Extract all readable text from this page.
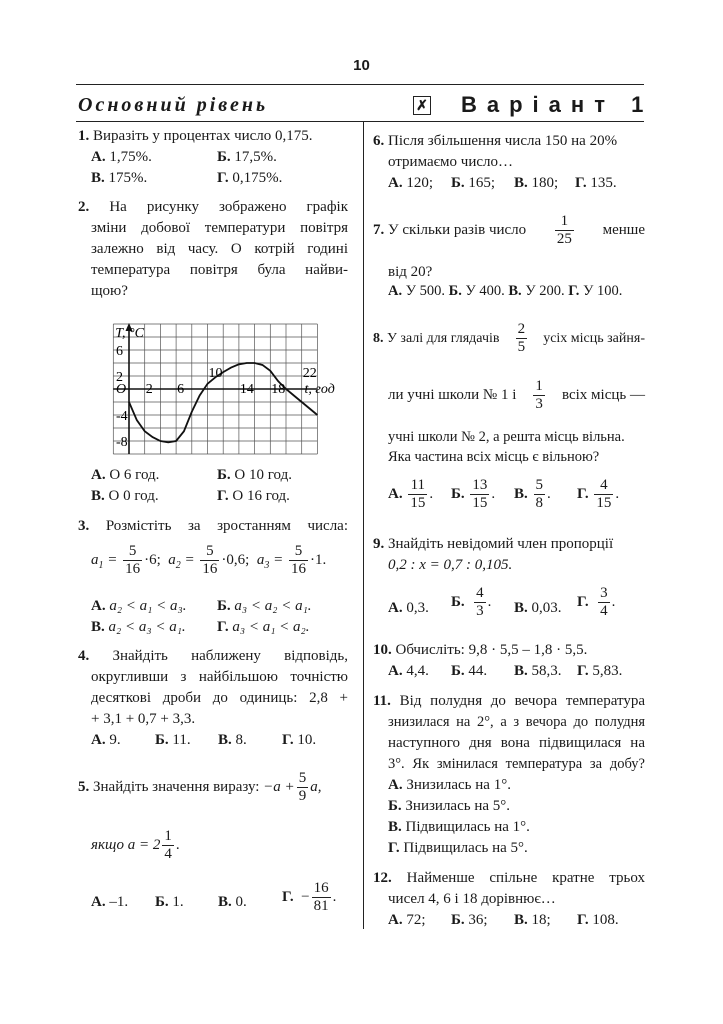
10
Основний рівень	✗ Варіант 1
1. Виразіть у процентах число 0,175.
А. 1,75%.	Б. 17,5%.
В. 175%.	Г. 0,175%.
2. На рисунку зображено графік
зміни добової температури повітря
залежно від часу. О котрій годині
температура повітря була найви-
щою?
2 6
10
14 18
22
6
2
-4
-8
O
T, °C
t, год
А. О 6 год.	Б. О 10 год.
В. О 0 год.	Г. О 16 год.
3. Розмістіть за зростанням числа:
$a_1 = \frac{5}{16} \cdot 6$; $a_2 = \frac{5}{16} \cdot 0,6$; $a_3 = \frac{5}{16} \cdot 1$.
А. a₂ < a₁ < a₃. Б. a₃ < a₂ < a₁.
В. a₂ < a₃ < a₁. Г. a₃ < a₁ < a₂.
4. Знайдіть наближену відповідь,
округливши з найбільшою точністю
десяткові дроби до одиниць: 2,8 +
+ 3,1 + 0,7 + 3,3.
А. 9. Б. 11. В. 8. Г. 10.
5. Знайдіть значення виразу: $-a + \frac{5}{9} a$,
якщо $a = 2 \frac{1}{4}$ .
А. –1. Б. 1. В. 0. Г. − $\frac{16}{81}$ .
6. Після збільшення числа 150 на 20%
отримаємо число…
А. 120; Б. 165; В. 180; Г. 135.
7. У скільки разів число
1
25
менше
від 20?
А. У 500. Б. У 400. В. У 200. Г. У 100.
8. У залі для глядачів
2
5
усіх місць зайня-
ли учні школи № 1 і
1
3
всіх місць —
учні школи № 2, а решта місць вільна.
Яка частина всіх місць є вільною?
А. $\frac{11}{15}$ . Б. $\frac{13}{15}$ . В. $\frac{5}{8}$ . Г. $\frac{4}{15}$ .
9. Знайдіть невідомий член пропорції
0,2 : x = 0,7 : 0,105.
А. 0,3. Б. $\frac{4}{3}$ . В. 0,03. Г. $\frac{3}{4}$ .
10. Обчисліть: 9,8 · 5,5 – 1,8 · 5,5.
А. 4,4. Б. 44. В. 58,3. Г. 5,83.
11. Від полудня до вечора температура
знизилася на 2°, а з вечора до полудня
наступного дня вона підвищилася на
3°. Як змінилася температура за добу?
А. Знизилась на 1°.
Б. Знизилась на 5°.
В. Підвищилась на 1°.
Г. Підвищилась на 5°.
12. Найменше спільне кратне трьох
чисел 4, 6 і 18 дорівнює…
А. 72; Б. 36; В. 18; Г. 108.
